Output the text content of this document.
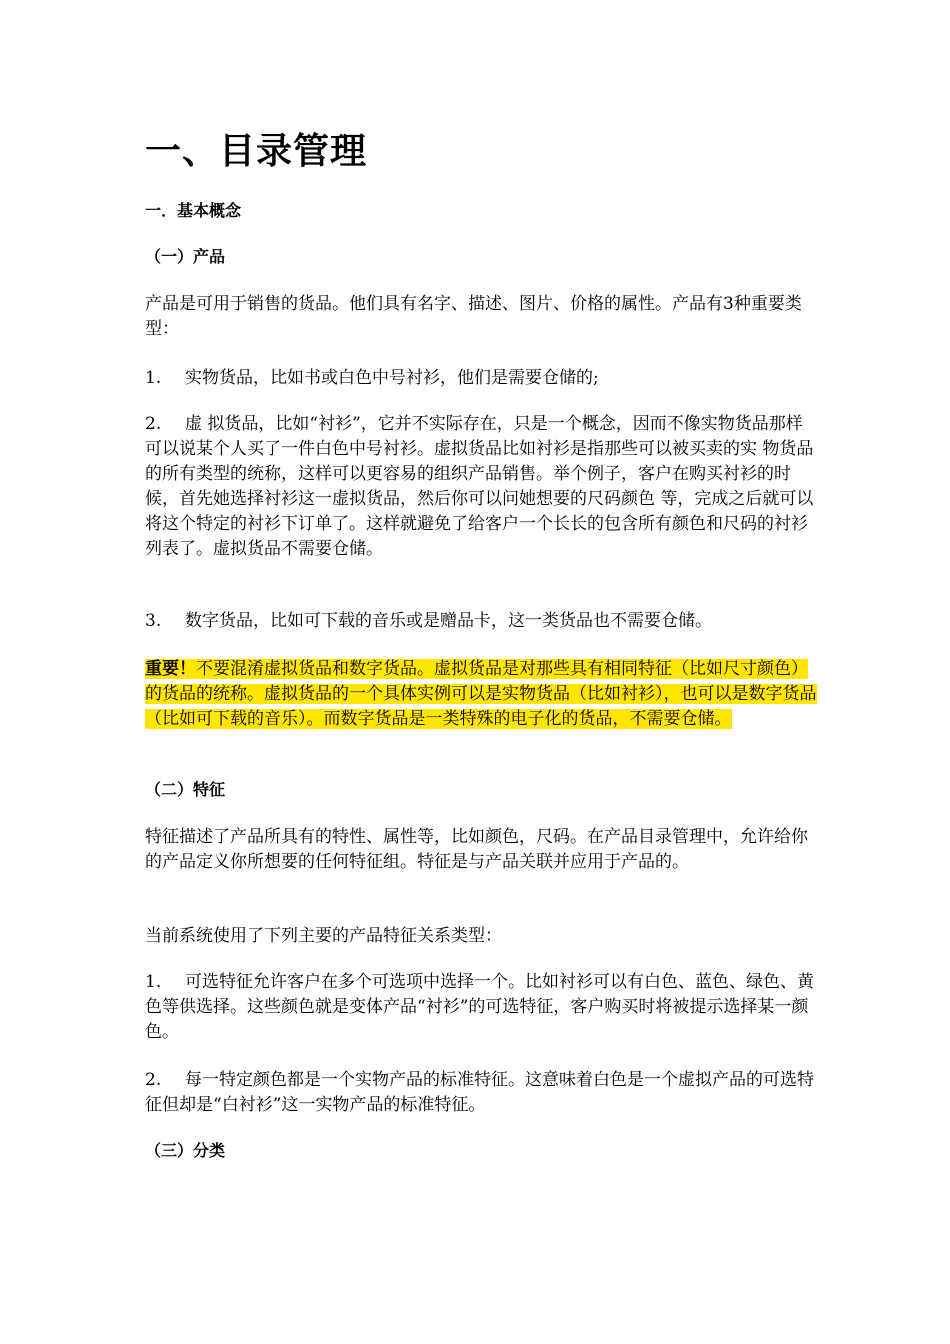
一、目录管理
一．基本概念
（一）产品
产品是可用于销售的货品。他们具有名字、描述、图片、价格的属性。产品有3种重要类型：
1. 实物货品，比如书或白色中号衬衫，他们是需要仓储的;
2. 虚 拟货品，比如“衬衫”，它并不实际存在，只是一个概念，因而不像实物货品那样可以说某个人买了一件白色中号衬衫。虚拟货品比如衬衫是指那些可以被买卖的实 物货品的所有类型的统称，这样可以更容易的组织产品销售。举个例子，客户在购买衬衫的时候，首先她选择衬衫这一虚拟货品，然后你可以问她想要的尺码颜色 等，完成之后就可以将这个特定的衬衫下订单了。这样就避免了给客户一个长长的包含所有颜色和尺码的衬衫列表了。虚拟货品不需要仓储。
3. 数字货品，比如可下载的音乐或是赠品卡，这一类货品也不需要仓储。
重要！不要混淆虚拟货品和数字货品。虚拟货品是对那些具有相同特征（比如尺寸颜色）的货品的统称。虚拟货品的一个具体实例可以是实物货品（比如衬衫），也可以是数字货品（比如可下载的音乐）。而数字货品是一类特殊的电子化的货品，不需要仓储。
（二）特征
特征描述了产品所具有的特性、属性等，比如颜色，尺码。在产品目录管理中，允许给你的产品定义你所想要的任何特征组。特征是与产品关联并应用于产品的。
当前系统使用了下列主要的产品特征关系类型：
1. 可选特征允许客户在多个可选项中选择一个。比如衬衫可以有白色、蓝色、绿色、黄色等供选择。这些颜色就是变体产品“衬衫”的可选特征，客户购买时将被提示选择某一颜色。
2. 每一特定颜色都是一个实物产品的标准特征。这意味着白色是一个虚拟产品的可选特征但却是“白衬衫”这一实物产品的标准特征。
（三）分类
